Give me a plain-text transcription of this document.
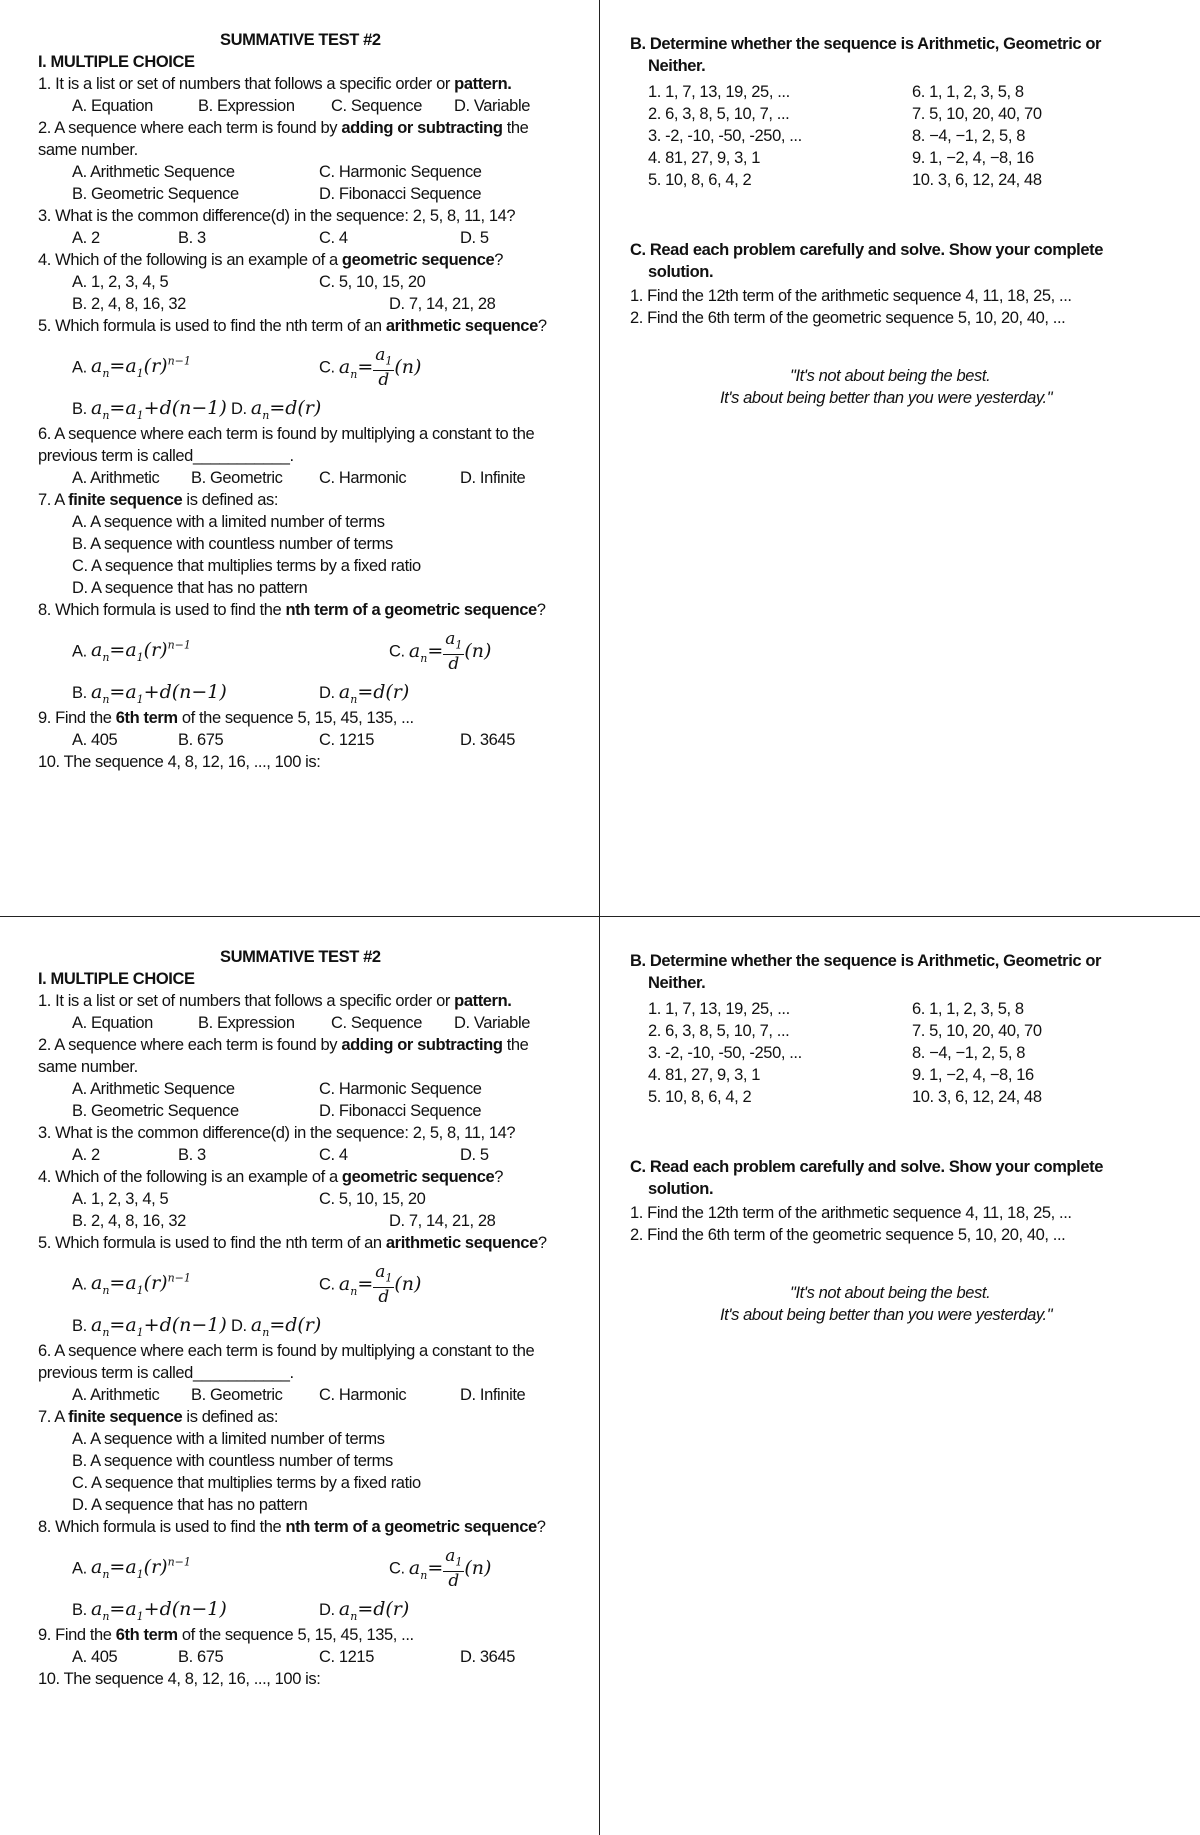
SUMMATIVE TEST #2
I. MULTIPLE CHOICE
1. It is a list or set of numbers that follows a specific order or pattern.
A. Equation	B. Expression C. Sequence D. Variable
2. A sequence where each term is found by adding or subtracting the
same number.
A. Arithmetic Sequence	C. Harmonic Sequence
B. Geometric Sequence	D. Fibonacci Sequence
3. What is the common difference(d) in the sequence: 2, 5, 8, 11, 14?
A. 2	B. 3	C. 4	D. 5
4. Which of the following is an example of a geometric sequence?
A. 1, 2, 3, 4, 5	C. 5, 10, 15, 20
B. 2, 4, 8, 16, 32	D. 7, 14, 21, 28
5. Which formula is used to find the nth term of an arithmetic sequence?
A. $a_n=a_1(r)^{n-1}$	C. $a_n= \frac{a_1}{d} (n)$
B. $a_n=a_1+d(n-1)$ D. $a_n=d(r)$
6. A sequence where each term is found by multiplying a constant to the
previous term is called___________.
A. Arithmetic B. Geometric C. Harmonic	D. Infinite
7. A finite sequence is defined as:
A. A sequence with a limited number of terms
B. A sequence with countless number of terms
C. A sequence that multiplies terms by a fixed ratio
D. A sequence that has no pattern
8. Which formula is used to find the nth term of a geometric sequence?
A. $a_n=a_1(r)^{n-1}$	C. $a_n= \frac{a_1}{d} (n)$
B. $a_n=a_1+d(n-1)$	D. $a_n=d(r)$
9. Find the 6th term of the sequence 5, 15, 45, 135, ...
A. 405	B. 675	C. 1215	D. 3645
10. The sequence 4, 8, 12, 16, ..., 100 is:
B. Determine whether the sequence is Arithmetic, Geometric or
Neither.
1. 1, 7, 13, 19, 25, ...
2. 6, 3, 8, 5, 10, 7, ...
3. -2, -10, -50, -250, ...
4. 81, 27, 9, 3, 1
5. 10, 8, 6, 4, 2
6. 1, 1, 2, 3, 5, 8
7. 5, 10, 20, 40, 70
8. −4, −1, 2, 5, 8
9. 1, −2, 4, −8, 16
10. 3, 6, 12, 24, 48
C. Read each problem carefully and solve. Show your complete
solution.
1. Find the 12th term of the arithmetic sequence 4, 11, 18, 25, ...
2. Find the 6th term of the geometric sequence 5, 10, 20, 40, ...
"It's not about being the best.
It's about being better than you were yesterday."
SUMMATIVE TEST #2
I. MULTIPLE CHOICE
1. It is a list or set of numbers that follows a specific order or pattern.
A. Equation	B. Expression C. Sequence D. Variable
2. A sequence where each term is found by adding or subtracting the
same number.
A. Arithmetic Sequence	C. Harmonic Sequence
B. Geometric Sequence	D. Fibonacci Sequence
3. What is the common difference(d) in the sequence: 2, 5, 8, 11, 14?
A. 2	B. 3	C. 4	D. 5
4. Which of the following is an example of a geometric sequence?
A. 1, 2, 3, 4, 5	C. 5, 10, 15, 20
B. 2, 4, 8, 16, 32	D. 7, 14, 21, 28
5. Which formula is used to find the nth term of an arithmetic sequence?
A. $a_n=a_1(r)^{n-1}$	C. $a_n= \frac{a_1}{d} (n)$
B. $a_n=a_1+d(n-1)$ D. $a_n=d(r)$
6. A sequence where each term is found by multiplying a constant to the
previous term is called___________.
A. Arithmetic B. Geometric C. Harmonic	D. Infinite
7. A finite sequence is defined as:
A. A sequence with a limited number of terms
B. A sequence with countless number of terms
C. A sequence that multiplies terms by a fixed ratio
D. A sequence that has no pattern
8. Which formula is used to find the nth term of a geometric sequence?
A. $a_n=a_1(r)^{n-1}$	C. $a_n= \frac{a_1}{d} (n)$
B. $a_n=a_1+d(n-1)$	D. $a_n=d(r)$
9. Find the 6th term of the sequence 5, 15, 45, 135, ...
A. 405	B. 675	C. 1215	D. 3645
10. The sequence 4, 8, 12, 16, ..., 100 is:
B. Determine whether the sequence is Arithmetic, Geometric or
Neither.
1. 1, 7, 13, 19, 25, ...
2. 6, 3, 8, 5, 10, 7, ...
3. -2, -10, -50, -250, ...
4. 81, 27, 9, 3, 1
5. 10, 8, 6, 4, 2
6. 1, 1, 2, 3, 5, 8
7. 5, 10, 20, 40, 70
8. −4, −1, 2, 5, 8
9. 1, −2, 4, −8, 16
10. 3, 6, 12, 24, 48
C. Read each problem carefully and solve. Show your complete
solution.
1. Find the 12th term of the arithmetic sequence 4, 11, 18, 25, ...
2. Find the 6th term of the geometric sequence 5, 10, 20, 40, ...
"It's not about being the best.
It's about being better than you were yesterday."
